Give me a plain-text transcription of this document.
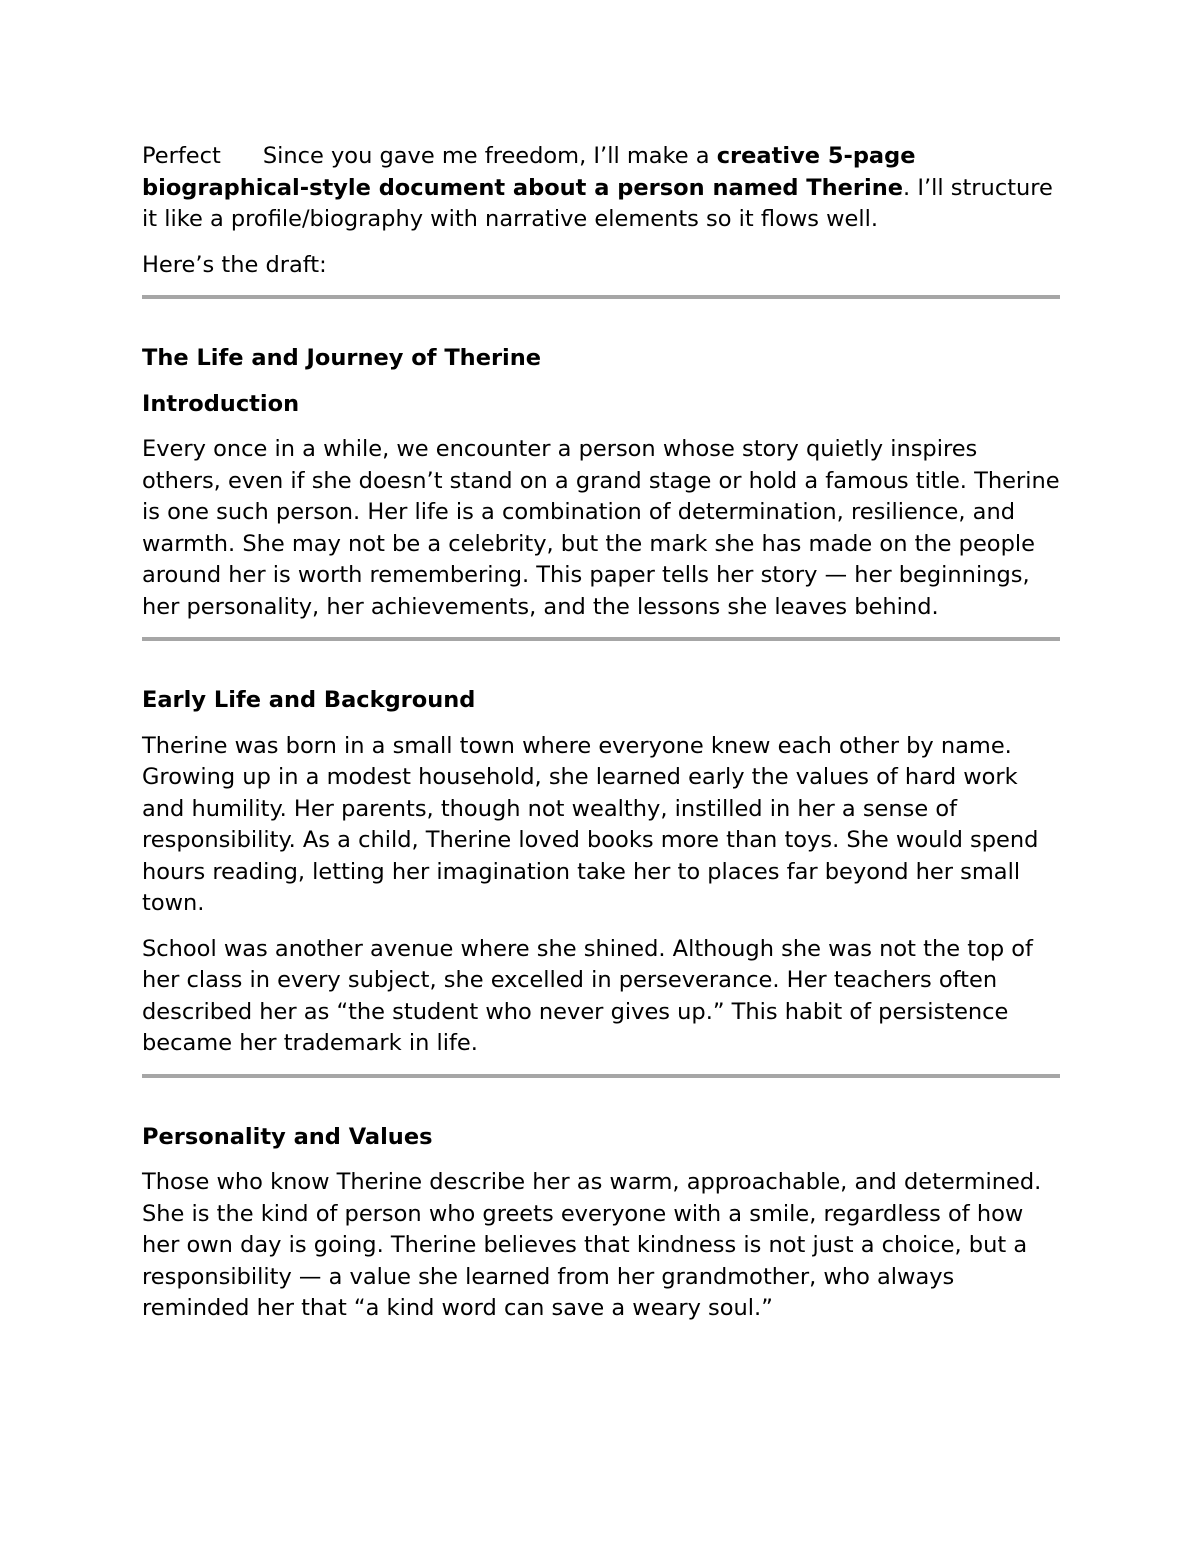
Perfect Since you gave me freedom, I’ll make a creative 5-page biographical-style document about a person named Therine. I’ll structure it like a profile/biography with narrative elements so it flows well.

Here’s the draft:

The Life and Journey of Therine
Introduction

Every once in a while, we encounter a person whose story quietly inspires others, even if she doesn’t stand on a grand stage or hold a famous title. Therine is one such person. Her life is a combination of determination, resilience, and warmth. She may not be a celebrity, but the mark she has made on the people around her is worth remembering. This paper tells her story — her beginnings, her personality, her achievements, and the lessons she leaves behind.

Early Life and Background

Therine was born in a small town where everyone knew each other by name. Growing up in a modest household, she learned early the values of hard work and humility. Her parents, though not wealthy, instilled in her a sense of responsibility. As a child, Therine loved books more than toys. She would spend hours reading, letting her imagination take her to places far beyond her small town.

School was another avenue where she shined. Although she was not the top of her class in every subject, she excelled in perseverance. Her teachers often described her as “the student who never gives up.” This habit of persistence became her trademark in life.

Personality and Values

Those who know Therine describe her as warm, approachable, and determined. She is the kind of person who greets everyone with a smile, regardless of how her own day is going. Therine believes that kindness is not just a choice, but a responsibility — a value she learned from her grandmother, who always reminded her that “a kind word can save a weary soul.”
